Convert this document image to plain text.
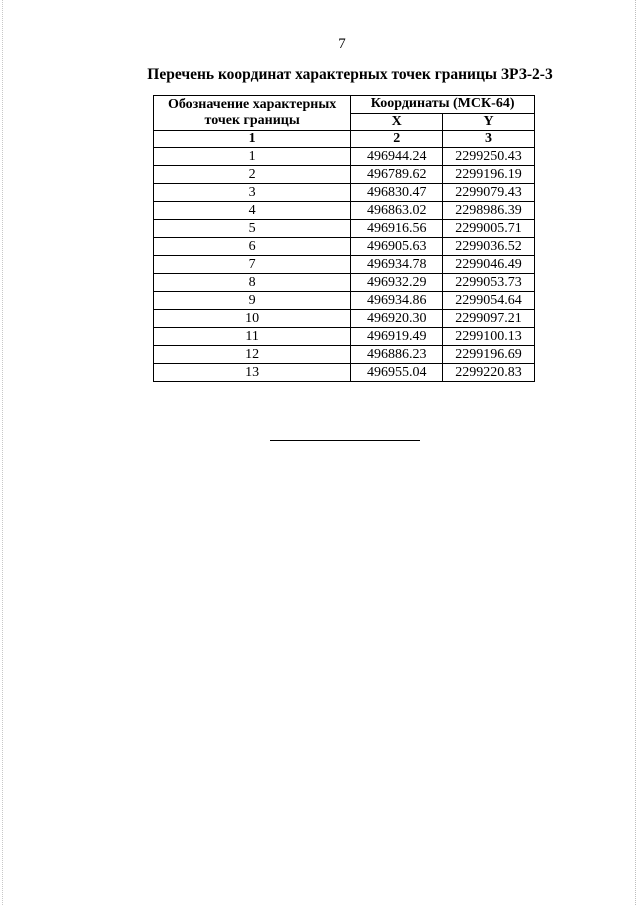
7
Перечень координат характерных точек границы ЗРЗ-2-3
Обозначение характерных точек границы	Координаты (МСК-64)	
	X	Y
1	2	3
1	496944.24	2299250.43
2	496789.62	2299196.19
3	496830.47	2299079.43
4	496863.02	2298986.39
5	496916.56	2299005.71
6	496905.63	2299036.52
7	496934.78	2299046.49
8	496932.29	2299053.73
9	496934.86	2299054.64
10	496920.30	2299097.21
11	496919.49	2299100.13
12	496886.23	2299196.69
13	496955.04	2299220.83
